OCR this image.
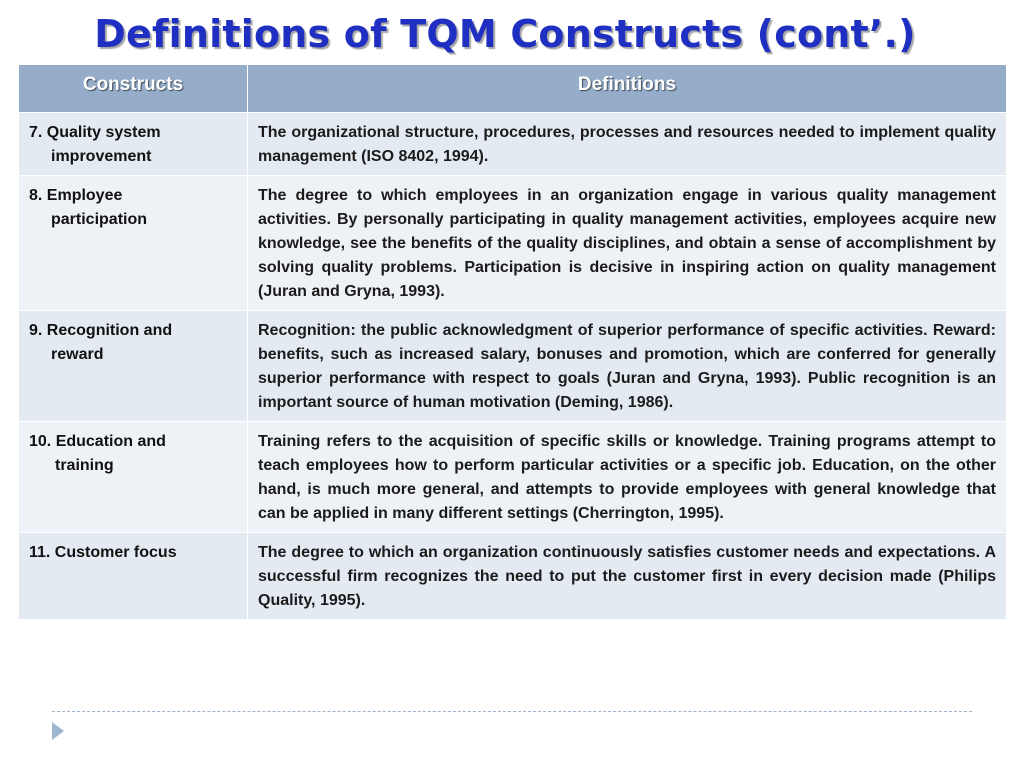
Definitions of TQM Constructs (cont’.)
Constructs	Definitions
7. Quality system
improvement	The organizational structure, procedures, processes and resources needed to implement quality management (ISO 8402, 1994).
8. Employee
participation	The degree to which employees in an organization engage in various quality management activities. By personally participating in quality management activities, employees acquire new knowledge, see the benefits of the quality disciplines, and obtain a sense of accomplishment by solving quality problems. Participation is decisive in inspiring action on quality management (Juran and Gryna, 1993).
9. Recognition and
reward	Recognition: the public acknowledgment of superior performance of specific activities. Reward: benefits, such as increased salary, bonuses and promotion, which are conferred for generally superior performance with respect to goals (Juran and Gryna, 1993). Public recognition is an important source of human motivation (Deming, 1986).
10. Education and
training	Training refers to the acquisition of specific skills or knowledge. Training programs attempt to teach employees how to perform particular activities or a specific job. Education, on the other hand, is much more general, and attempts to provide employees with general knowledge that can be applied in many different settings (Cherrington, 1995).
11. Customer focus	The degree to which an organization continuously satisfies customer needs and expectations. A successful firm recognizes the need to put the customer first in every decision made (Philips Quality, 1995).
